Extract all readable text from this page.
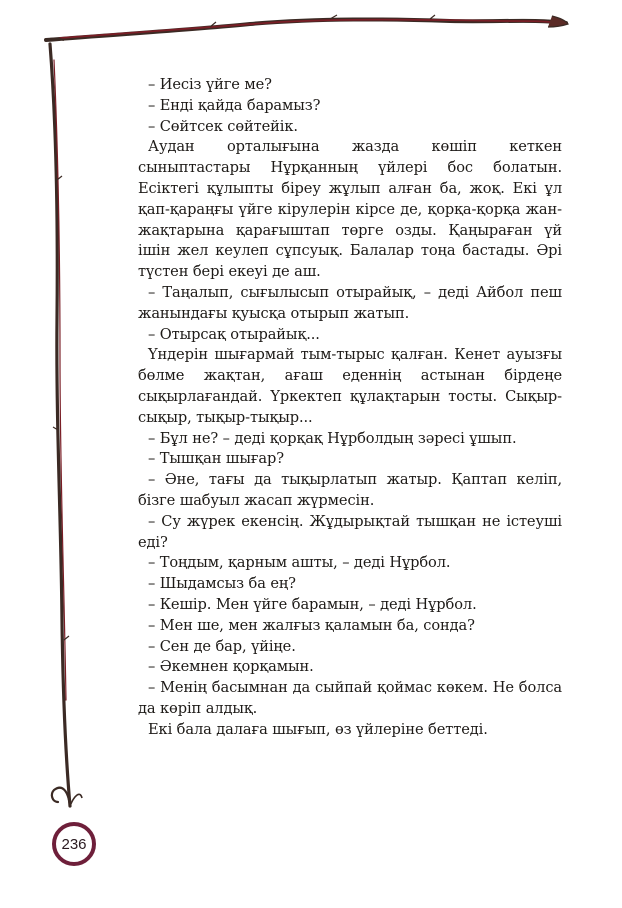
– Иесіз үйге ме?

– Енді қайда барамыз?

– Сөйтсек сөйтейік.

Аудан орталығына жазда көшіп кеткен сыныптастары Нұрқанның үйлері бос болатын. Есіктегі құлыпты біреу жұлып алған ба, жоқ. Екі ұл қап-қараңғы үйге кірулерін кірсе де, қорқа-қорқа жан-жақтарына қарағыштап төрге озды. Қаңыраған үй ішін жел кеулеп сұпсуық. Балалар тоңа бастады. Әрі түстен бері екеуі де аш.

– Таңалып, сығылысып отырайық, – деді Айбол пеш жанындағы қуысқа отырып жатып.

– Отырсақ отырайық...

Үндерін шығармай тым-тырыс қалған. Кенет ауызғы бөлме жақтан, ағаш еденнің астынан бірдеңе сықырлағандай. Үркектеп құлақтарын тосты. Сықыр-сықыр, тықыр-тықыр...

– Бұл не? – деді қорқақ Нұрболдың зәресі ұшып.

– Тышқан шығар?

– Әне, тағы да тықырлатып жатыр. Қаптап келіп, бізге шабуыл жасап жүрмесін.

– Су жүрек екенсің. Жұдырықтай тышқан не істеуші еді?

– Тоңдым, қарным ашты, – деді Нұрбол.

– Шыдамсыз ба ең?

– Кешір. Мен үйге барамын, – деді Нұрбол.

– Мен ше, мен жалғыз қаламын ба, сонда?

– Сен де бар, үйіңе.

– Әкемнен қорқамын.

– Менің басымнан да сыйпай қоймас көкем. Не болса да көріп алдық.

Екі бала далаға шығып, өз үйлеріне беттеді.

236
